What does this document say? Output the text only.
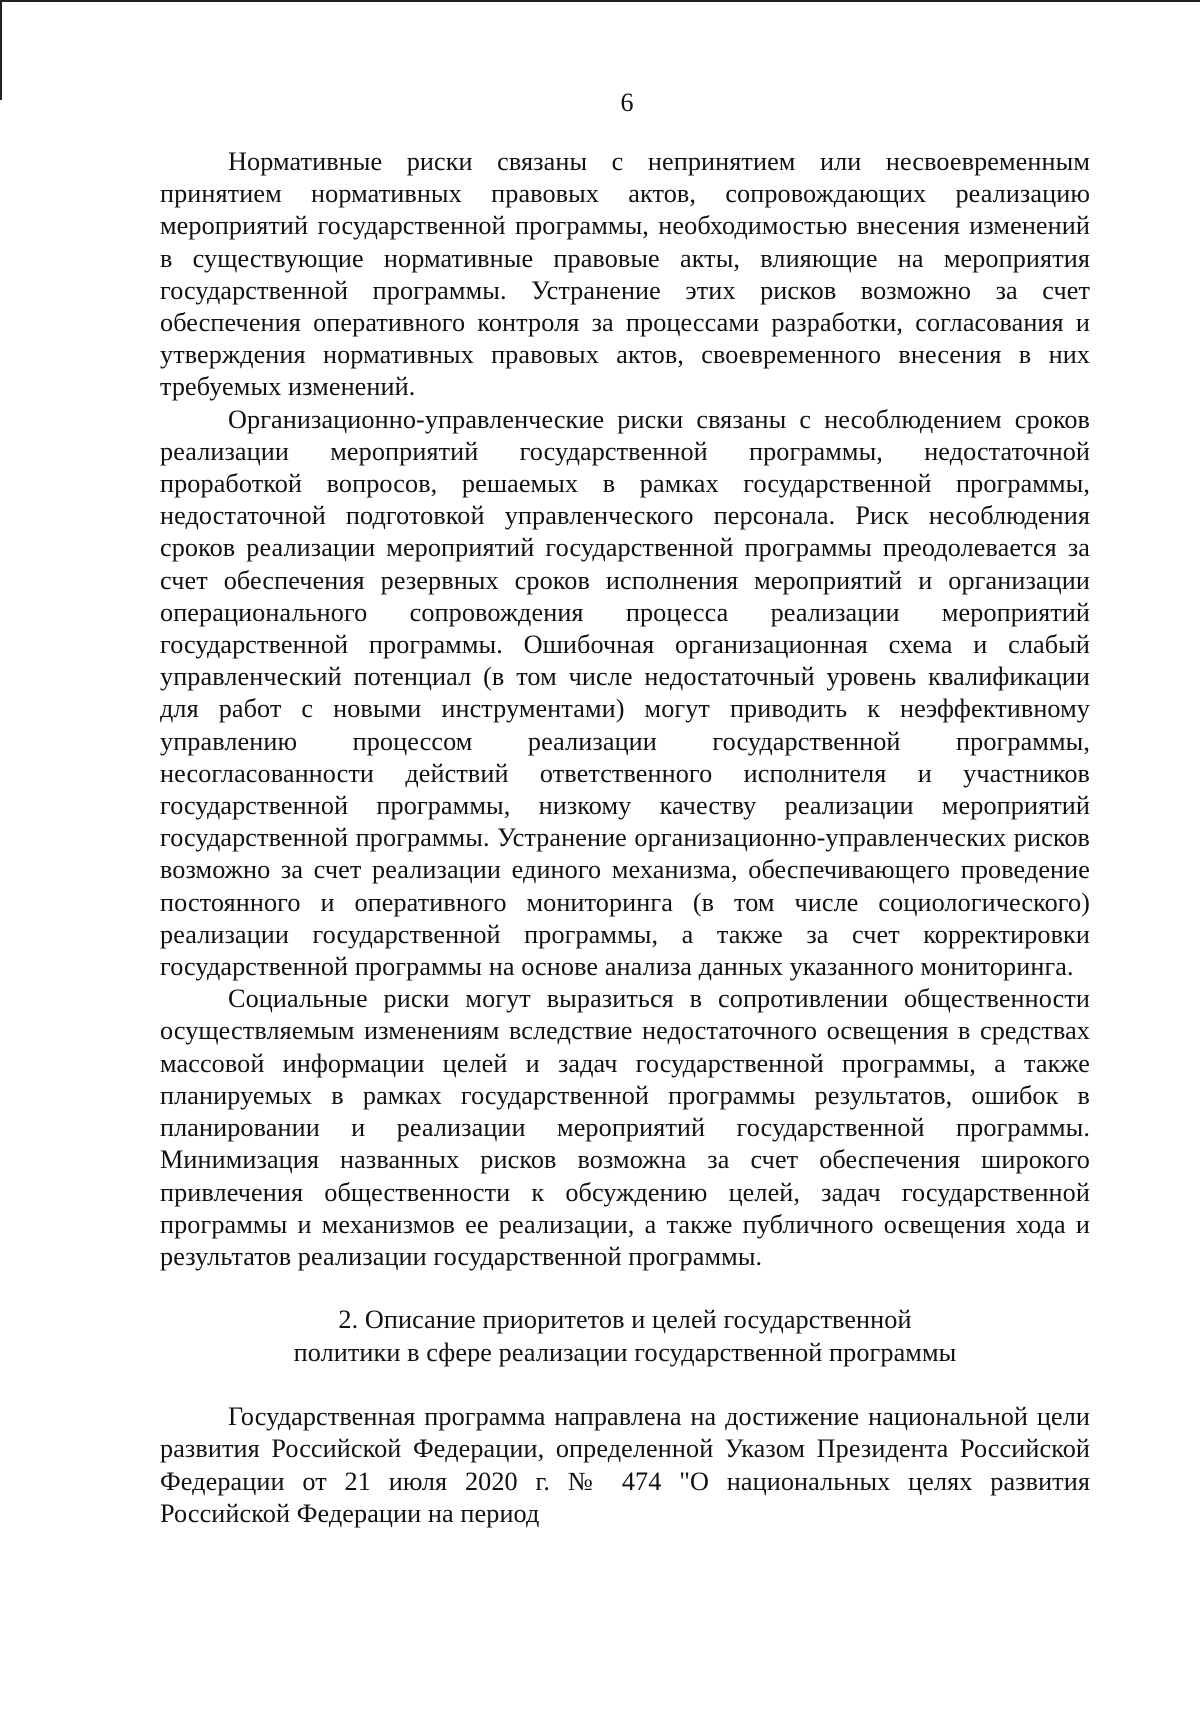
6

Нормативные риски связаны с непринятием или несвоевременным принятием нормативных правовых актов, сопровождающих реализацию мероприятий государственной программы, необходимостью внесения изменений в существующие нормативные правовые акты, влияющие на мероприятия государственной программы. Устранение этих рисков возможно за счет обеспечения оперативного контроля за процессами разработки, согласования и утверждения нормативных правовых актов, своевременного внесения в них требуемых изменений.

Организационно-управленческие риски связаны с несоблюдением сроков реализации мероприятий государственной программы, недостаточной проработкой вопросов, решаемых в рамках государственной программы, недостаточной подготовкой управленческого персонала. Риск несоблюдения сроков реализации мероприятий государственной программы преодолевается за счет обеспечения резервных сроков исполнения мероприятий и организации операционального сопровождения процесса реализации мероприятий государственной программы. Ошибочная организационная схема и слабый управленческий потенциал (в том числе недостаточный уровень квалификации для работ с новыми инструментами) могут приводить к неэффективному управлению процессом реализации государственной программы, несогласованности действий ответственного исполнителя и участников государственной программы, низкому качеству реализации мероприятий государственной программы. Устранение организационно-управленческих рисков возможно за счет реализации единого механизма, обеспечивающего проведение постоянного и оперативного мониторинга (в том числе социологического) реализации государственной программы, а также за счет корректировки государственной программы на основе анализа данных указанного мониторинга.

Социальные риски могут выразиться в сопротивлении общественности осуществляемым изменениям вследствие недостаточного освещения в средствах массовой информации целей и задач государственной программы, а также планируемых в рамках государственной программы результатов, ошибок в планировании и реализации мероприятий государственной программы. Минимизация названных рисков возможна за счет обеспечения широкого привлечения общественности к обсуждению целей, задач государственной программы и механизмов ее реализации, а также публичного освещения хода и результатов реализации государственной программы.

2. Описание приоритетов и целей государственной
политики в сфере реализации государственной программы

Государственная программа направлена на достижение национальной цели развития Российской Федерации, определенной Указом Президента Российской Федерации от 21 июля 2020 г. № 474 "О национальных целях развития Российской Федерации на период
